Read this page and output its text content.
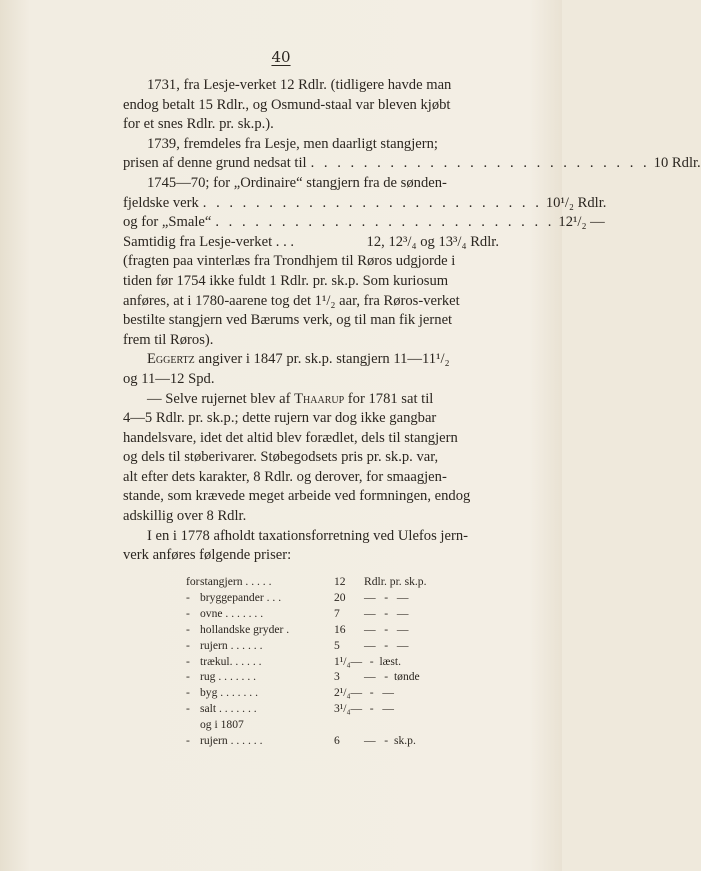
40

1731, fra Lesje-verket 12 Rdlr. (tidligere havde man

endog betalt 15 Rdlr., og Osmund-staal var bleven kjøbt

for et snes Rdlr. pr. sk.p.).

1739, fremdeles fra Lesje, men daarligt stangjern;

prisen af denne grund nedsat til . . . . . . . . . . . . . . . . . . . . . . . . . . 10 Rdlr.

1745—70; for „Ordinaire“ stangjern fra de sønden-

fjeldske verk . . . . . . . . . . . . . . . . . . . . . . . . . . 10¹/₂ Rdlr.
og for „Smale“ . . . . . . . . . . . . . . . . . . . . . . . . . . 12¹/₂ —
Samtidig fra Lesje-verket . . .	12, 12³/₄ og 13³/₄ Rdlr.

(fragten paa vinterlæs fra Trondhjem til Røros udgjorde i

tiden før 1754 ikke fuldt 1 Rdlr. pr. sk.p. Som kuriosum

anføres, at i 1780-aarene tog det 1¹/₂ aar, fra Røros-verket

bestilte stangjern ved Bærums verk, og til man fik jernet

frem til Røros).

Eggertz angiver i 1847 pr. sk.p. stangjern 11—11¹/₂

og 11—12 Spd.

— Selve rujernet blev af Thaarup for 1781 sat til

4—5 Rdlr. pr. sk.p.; dette rujern var dog ikke gangbar

handelsvare, idet det altid blev forædlet, dels til stangjern

og dels til støberivarer. Støbegodsets pris pr. sk.p. var,

alt efter dets karakter, 8 Rdlr. og derover, for smaagjen-

stande, som krævede meget arbeide ved formningen, endog

adskillig over 8 Rdlr.

I en i 1778 afholdt taxationsforretning ved Ulefos jern-

verk anføres følgende priser:

for stangjern . . . . .	12	Rdlr. pr. sk.p.
- bryggepander . . .	20	—   -   —
- ovne . . . . . . .	7	—   -   —
- hollandske gryder .	16	—   -   —
- rujern . . . . . .	5	—   -   —
- trækul. . . . . .	1¹/₄— -  læst.
- rug . . . . . . .	3	—   -  tønde
- byg . . . . . . .	2¹/₄— -   —
- salt . . . . . . .	3¹/₄— -   —
og i 1807
- rujern . . . . . .	6	—   -  sk.p.
